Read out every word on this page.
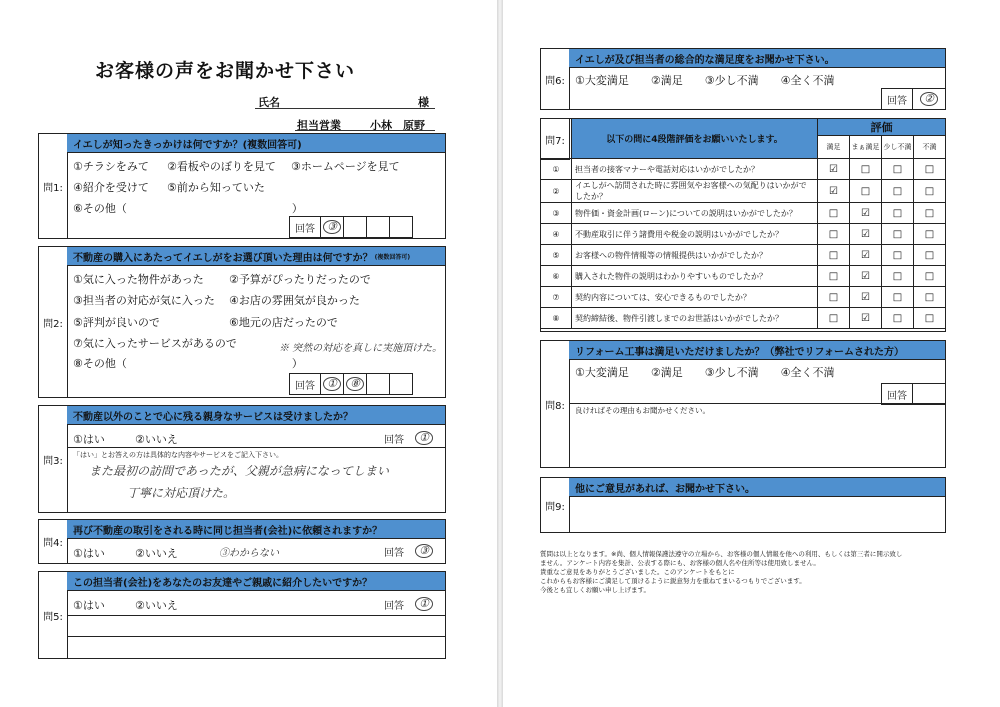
お客様の声をお聞かせ下さい
氏名	様
担当営業	小林　原野
問1:
イエしが知ったきっかけは何ですか？(複数回答可)
①チラシをみて ②看板やのぼりを見て ③ホームページを見て
④紹介を受けて ⑤前から知っていた
⑥その他（　　　　　　　　　　　　　　　）
回答	③
問2:
不動産の購入にあたってイエしがをお選び頂いた理由は何ですか？ (複数回答可)
①気に入った物件があった ②予算がぴったりだったので
③担当者の対応が気に入った ④お店の雰囲気が良かった
⑤評判が良いので	⑥地元の店だったので
⑦気に入ったサービスがあるので
⑧その他（　　　　　　　　　　　　　　　）
※ 突然の対応を真しに実施頂けた。
回答	①	⑧
問3:
不動産以外のことで心に残る親身なサービスは受けましたか？
①はい	②いいえ	回答	①
「はい」とお答えの方は具体的な内容やサービスをご記入下さい。
また最初の訪問であったが、父親が急病になってしまい
丁寧に対応頂けた。
問4:
再び不動産の取引をされる時に同じ担当者(会社)に依頼されますか？
①はい	②いいえ	③わからない	回答	③
問5:
この担当者(会社)をあなたのお友達やご親戚に紹介したいですか？
①はい	②いいえ	回答	①
問6:
イエしが及び担当者の総合的な満足度をお聞かせ下さい。
①大変満足　　②満足　　③少し不満　　④全く不満
回答	②
問7:
		以下の問に4段階評価をお願いいたします。	評価			
		満足	まぁ満足	少し不満	不満
①	担当者の接客マナーや電話対応はいかがでしたか？	☑	□	□	□
②	イエしがへ訪問された時に雰囲気やお客様への気配りはいかがでしたか？	☑	□	□	□
③	物件価・資金計画(ローン)についての説明はいかがでしたか？	□	☑	□	□
④	不動産取引に伴う諸費用や税金の説明はいかがでしたか？	□	☑	□	□
⑤	お客様への物件情報等の情報提供はいかがでしたか？	□	☑	□	□
⑥	購入された物件の説明はわかりやすいものでしたか？	□	☑	□	□
⑦	契約内容については、安心できるものでしたか？	□	☑	□	□
⑧	契約締結後、物件引渡しまでのお世話はいかがでしたか？	□	☑	□	□
問8:
リフォーム工事は満足いただけましたか？（弊社でリフォームされた方）
①大変満足　　②満足　　③少し不満　　④全く不満
回答
良ければその理由もお聞かせください。
問9:
他にご意見があれば、お聞かせ下さい。
質問は以上となります。※尚、個人情報保護法遵守の立場から、お客様の個人情報を他への利用、もしくは第三者に開示致し
ません。アンケート内容を集計、公表する際にも、お客様の個人名や住所等は使用致しません。
貴重なご意見をありがとうございました。このアンケートをもとに
これからもお客様にご満足して頂けるように鋭意努力を重ねてまいるつもりでございます。
今後とも宜しくお願い申し上げます。
